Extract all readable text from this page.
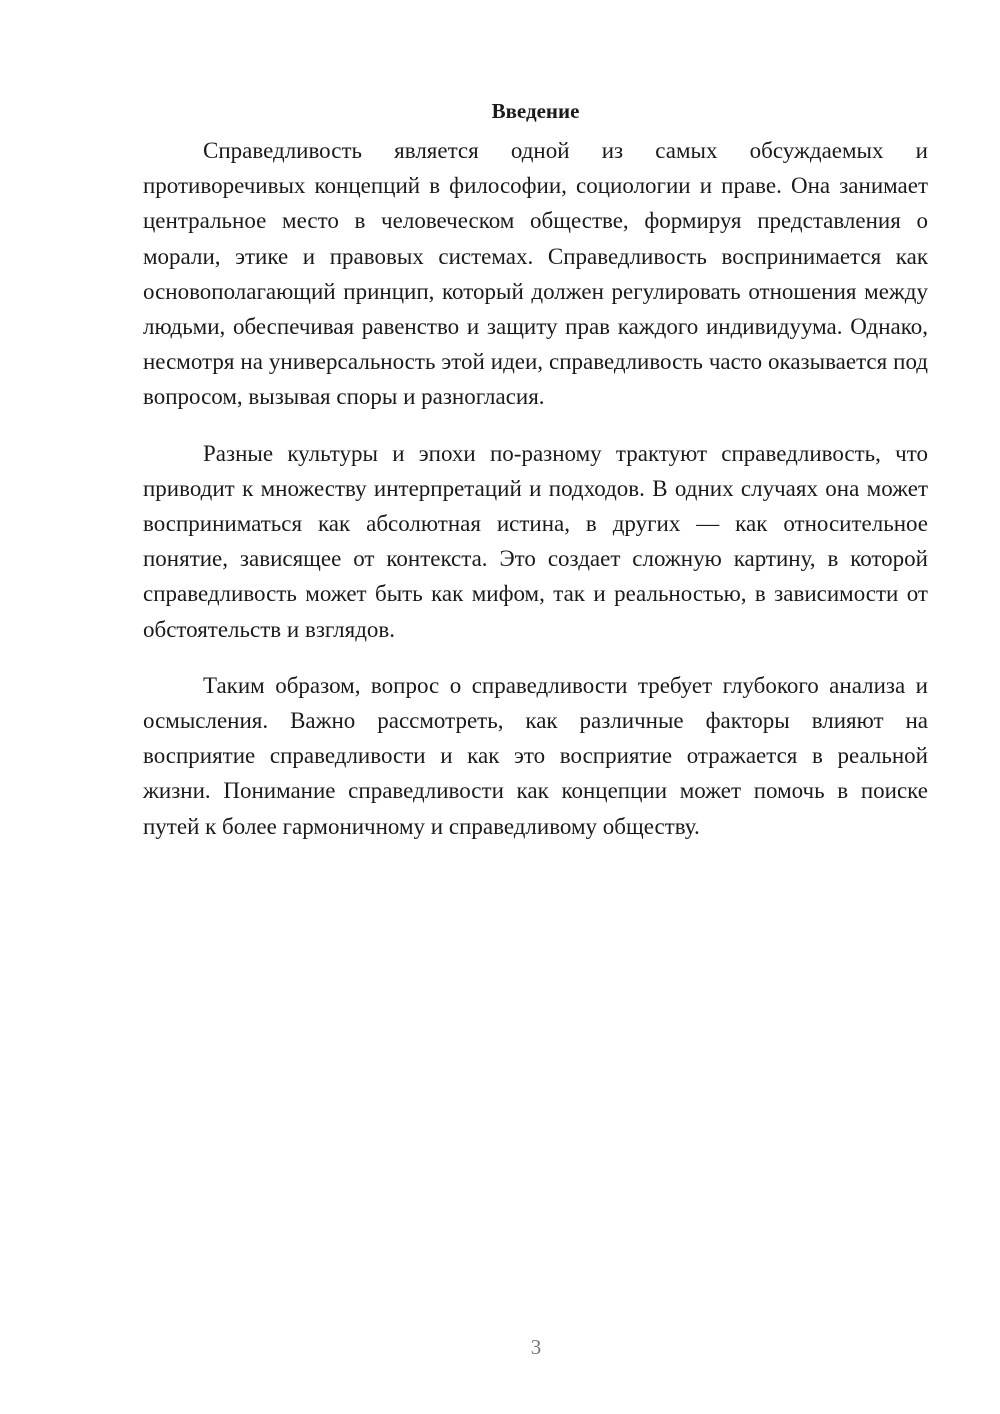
Введение

Справедливость является одной из самых обсуждаемых и противоречивых концепций в философии, социологии и праве. Она занимает центральное место в человеческом обществе, формируя представления о морали, этике и правовых системах. Справедливость воспринимается как основополагающий принцип, который должен регулировать отношения между людьми, обеспечивая равенство и защиту прав каждого индивидуума. Однако, несмотря на универсальность этой идеи, справедливость часто оказывается под вопросом, вызывая споры и разногласия.

Разные культуры и эпохи по-разному трактуют справедливость, что приводит к множеству интерпретаций и подходов. В одних случаях она может восприниматься как абсолютная истина, в других — как относительное понятие, зависящее от контекста. Это создает сложную картину, в которой справедливость может быть как мифом, так и реальностью, в зависимости от обстоятельств и взглядов.

Таким образом, вопрос о справедливости требует глубокого анализа и осмысления. Важно рассмотреть, как различные факторы влияют на восприятие справедливости и как это восприятие отражается в реальной жизни. Понимание справедливости как концепции может помочь в поиске путей к более гармоничному и справедливому обществу.

3
